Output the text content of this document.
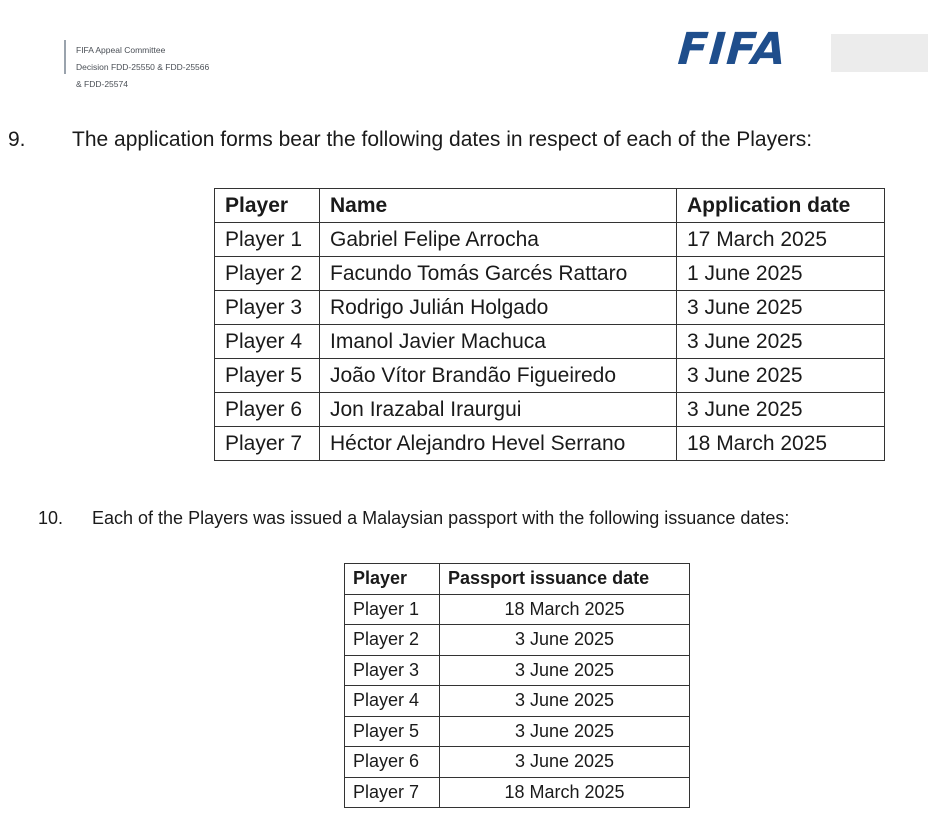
FIFA Appeal Committee
Decision FDD-25550 & FDD-25566
& FDD-25574
FIFA
9. The application forms bear the following dates in respect of each of the Players:
Player	Name	Application date
Player 1	Gabriel Felipe Arrocha	17 March 2025
Player 2	Facundo Tomás Garcés Rattaro	1 June 2025
Player 3	Rodrigo Julián Holgado	3 June 2025
Player 4	Imanol Javier Machuca	3 June 2025
Player 5	João Vítor Brandão Figueiredo	3 June 2025
Player 6	Jon Irazabal Iraurgui	3 June 2025
Player 7	Héctor Alejandro Hevel Serrano	18 March 2025
10. Each of the Players was issued a Malaysian passport with the following issuance dates:
Player	Passport issuance date
Player 1	18 March 2025
Player 2	3 June 2025
Player 3	3 June 2025
Player 4	3 June 2025
Player 5	3 June 2025
Player 6	3 June 2025
Player 7	18 March 2025
